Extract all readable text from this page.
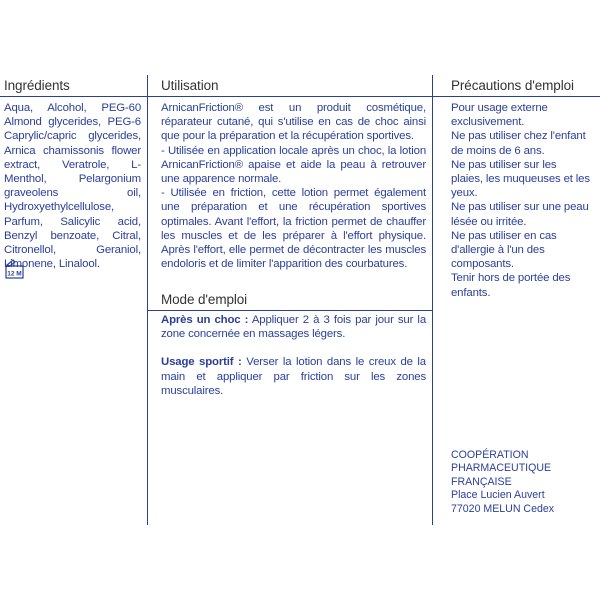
Ingrédients
Aqua, Alcohol, PEG-60 Almond glycerides, PEG-6 Caprylic/capric glycerides, Arnica chamissonis flower extract, Veratrole, L-Menthol, Pelargonium graveolens oil, Hydroxyethylcellulose, Parfum, Salicylic acid, Benzyl benzoate, Citral, Citronellol, Geraniol, Limonene, Linalool.
12 M
Utilisation

ArnicanFriction® est un produit cosmétique, réparateur cutané, qui s'utilise en cas de choc ainsi que pour la préparation et la récupération sportives.

- Utilisée en application locale après un choc, la lotion ArnicanFriction® apaise et aide la peau à retrouver une apparence normale.

- Utilisée en friction, cette lotion permet également une préparation et une récupération sportives optimales. Avant l'effort, la friction permet de chauffer les muscles et de les préparer à l'effort physique. Après l'effort, elle permet de décontracter les muscles endoloris et de limiter l'apparition des courbatures.

Mode d'emploi

Après un choc : Appliquer 2 à 3 fois par jour sur la zone concernée en massages légers.

Usage sportif : Verser la lotion dans le creux de la main et appliquer par friction sur les zones musculaires.

Précautions d'emploi

Pour usage externe exclusivement.

Ne pas utiliser chez l'enfant de moins de 6 ans.

Ne pas utiliser sur les plaies, les muqueuses et les yeux.

Ne pas utiliser sur une peau lésée ou irritée.

Ne pas utiliser en cas d'allergie à l'un des composants.

Tenir hors de portée des enfants.

COOPÉRATION
PHARMACEUTIQUE
FRANÇAISE
Place Lucien Auvert
77020 MELUN Cedex
